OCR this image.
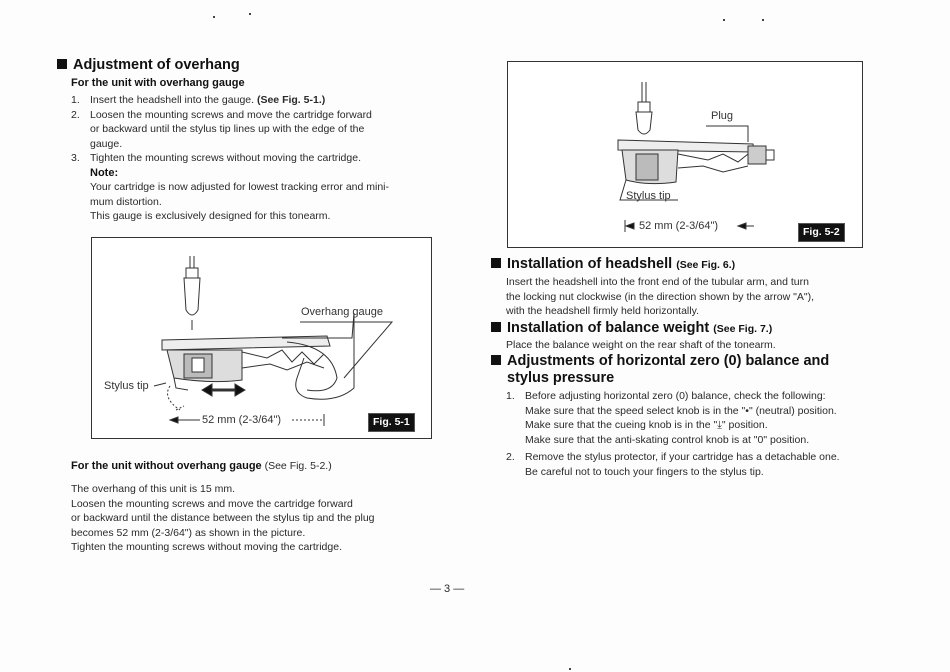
Adjustment of overhang
For the unit with overhang gauge
1. Insert the headshell into the gauge. (See Fig. 5-1.)
2. Loosen the mounting screws and move the cartridge forward

or backward until the stylus tip lines up with the edge of the

gauge.

3. Tighten the mounting screws without moving the cartridge.

Note:

Your cartridge is now adjusted for lowest tracking error and mini-

mum distortion.

This gauge is exclusively designed for this tonearm.

Overhang gauge
Stylus tip
52 mm (2-3/64")	Fig. 5-1
For the unit without overhang gauge (See Fig. 5-2.)

The overhang of this unit is 15 mm.

Loosen the mounting screws and move the cartridge forward

or backward until the distance between the stylus tip and the plug

becomes 52 mm (2-3/64") as shown in the picture.

Tighten the mounting screws without moving the cartridge.

Plug
Stylus tip
52 mm (2-3/64")	Fig. 5-2
Installation of headshell (See Fig. 6.)

Insert the headshell into the front end of the tubular arm, and turn

the locking nut clockwise (in the direction shown by the arrow "A"),

with the headshell firmly held horizontally.

Installation of balance weight (See Fig. 7.)
Place the balance weight on the rear shaft of the tonearm.
Adjustments of horizontal zero (0) balance and
stylus pressure
1. Before adjusting horizontal zero (0) balance, check the following:

Make sure that the speed select knob is in the "•" (neutral) position.

Make sure that the cueing knob is in the "⤓" position.

Make sure that the anti-skating control knob is at "0" position.

2. Remove the stylus protector, if your cartridge has a detachable one.

Be careful not to touch your fingers to the stylus tip.

— 3 —
